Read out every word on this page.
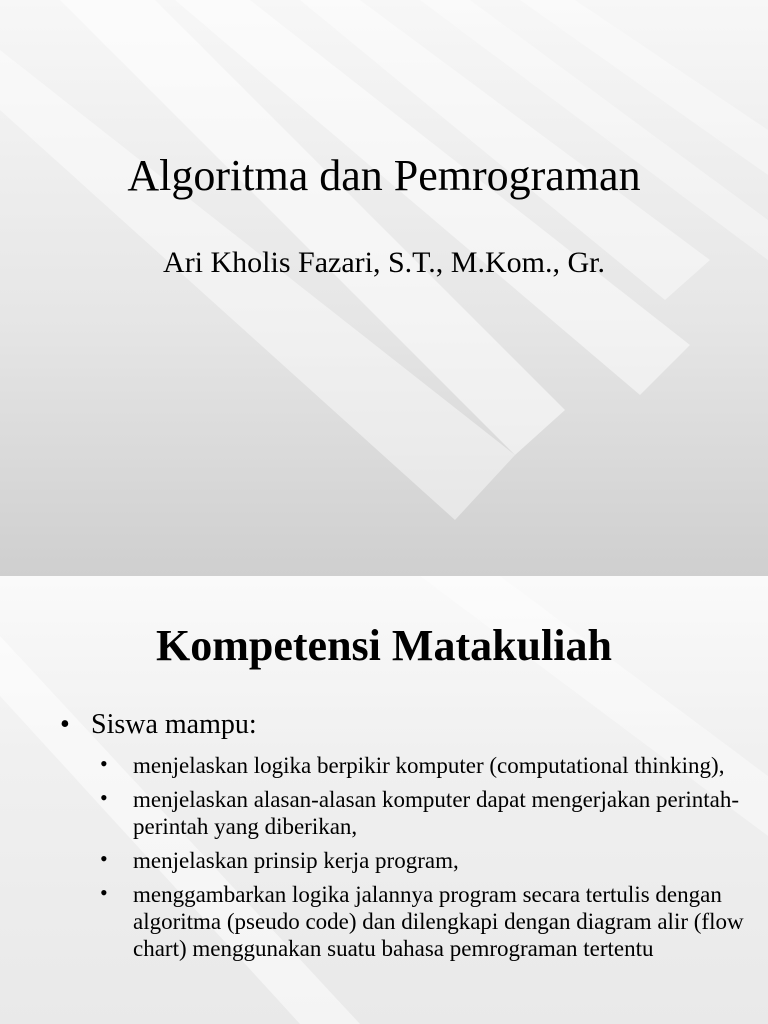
Algoritma dan Pemrograman

Ari Kholis Fazari, S.T., M.Kom., Gr.

Kompetensi Matakuliah
• Siswa mampu:
• menjelaskan logika berpikir komputer (computational thinking),
• menjelaskan alasan-alasan komputer dapat mengerjakan perintah-perintah yang diberikan,
• menjelaskan prinsip kerja program,
• menggambarkan logika jalannya program secara tertulis dengan algoritma (pseudo code) dan dilengkapi dengan diagram alir (flow chart) menggunakan suatu bahasa pemrograman tertentu
